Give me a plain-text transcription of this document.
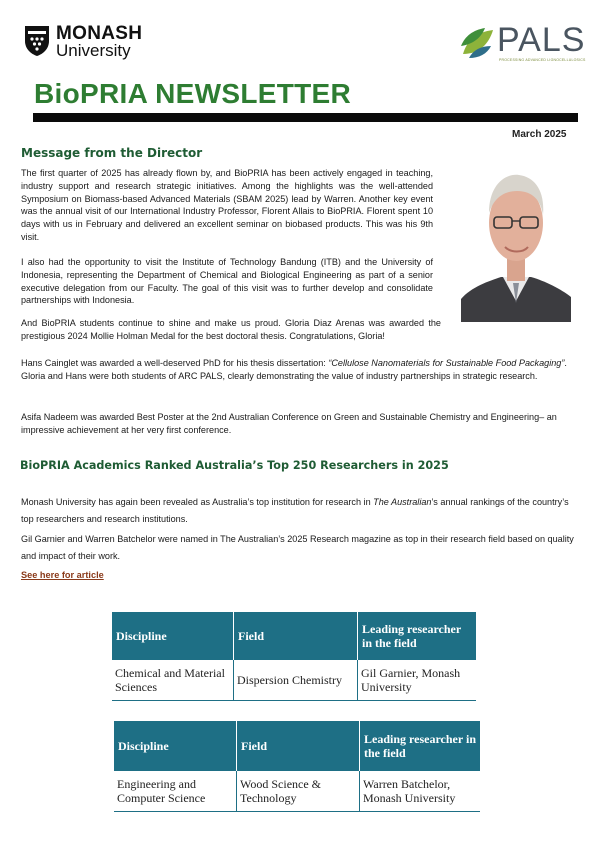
MONASH
University	PALS
PROCESSING ADVANCED LIGNOCELLULOSICS
BioPRIA NEWSLETTER
March 2025
Message from the Director

The first quarter of 2025 has already flown by, and BioPRIA has been actively engaged in teaching, industry support and research strategic initiatives. Among the highlights was the well-attended Symposium on Biomass-based Advanced Materials (SBAM 2025) lead by Warren. Another key event was the annual visit of our International Industry Professor, Florent Allais to BioPRIA. Florent spent 10 days with us in February and delivered an excellent seminar on biobased products. This was his 9th visit.

I also had the opportunity to visit the Institute of Technology Bandung (ITB) and the University of Indonesia, representing the Department of Chemical and Biological Engineering as part of a senior executive delegation from our Faculty. The goal of this visit was to further develop and consolidate partnerships with Indonesia.

And BioPRIA students continue to shine and make us proud. Gloria Diaz Arenas was awarded the prestigious 2024 Mollie Holman Medal for the best doctoral thesis. Congratulations, Gloria!

Hans Cainglet was awarded a well-deserved PhD for his thesis dissertation: “Cellulose Nanomaterials for Sustainable Food Packaging”. Gloria and Hans were both students of ARC PALS, clearly demonstrating the value of industry partnerships in strategic research.

Asifa Nadeem was awarded Best Poster at the 2nd Australian Conference on Green and Sustainable Chemistry and Engineering– an impressive achievement at her very first conference.

BioPRIA Academics Ranked Australia’s Top 250 Researchers in 2025

Monash University has again been revealed as Australia’s top institution for research in The Australian’s annual rankings of the country’s top researchers and research institutions.

Gil Garnier and Warren Batchelor were named in The Australian’s 2025 Research magazine as top in their research field based on quality and impact of their work.

See here for article
Discipline	Field	Leading researcher in the field
Chemical and Material Sciences	Dispersion Chemistry	Gil Garnier, Monash University
Discipline	Field	Leading researcher in the field
Engineering and Computer Science	Wood Science & Technology	Warren Batchelor, Monash University
